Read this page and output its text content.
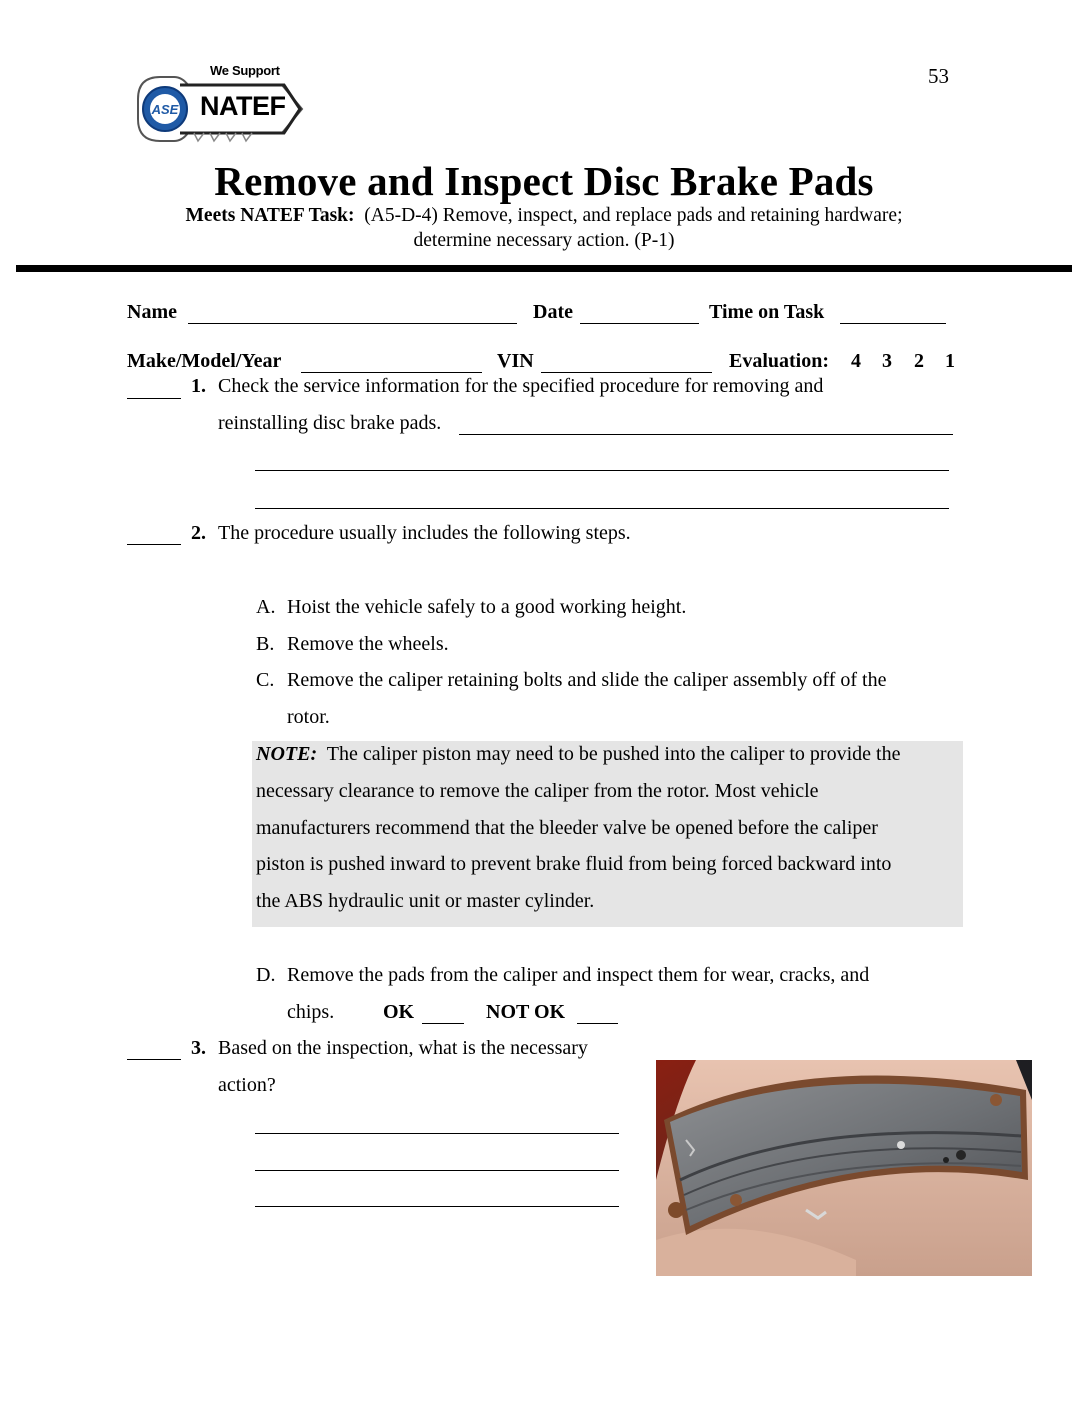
53
We Support
ASE NATEF
Remove and Inspect Disc Brake Pads
Meets NATEF Task: (A5-D-4) Remove, inspect, and replace pads and retaining hardware;
determine necessary action. (P-1)
Name	Date	Time on Task
Make/Model/Year	VIN	Evaluation: 4 3 2 1
1. Check the service information for the specified procedure for removing and
reinstalling disc brake pads.
2. The procedure usually includes the following steps.
A. Hoist the vehicle safely to a good working height.
B. Remove the wheels.
C. Remove the caliper retaining bolts and slide the caliper assembly off of the
rotor.
NOTE: The caliper piston may need to be pushed into the caliper to provide the
necessary clearance to remove the caliper from the rotor. Most vehicle
manufacturers recommend that the bleeder valve be opened before the caliper
piston is pushed inward to prevent brake fluid from being forced backward into
the ABS hydraulic unit or master cylinder.
D. Remove the pads from the caliper and inspect them for wear, cracks, and
chips. OK	NOT OK
3. Based on the inspection, what is the necessary
action?
